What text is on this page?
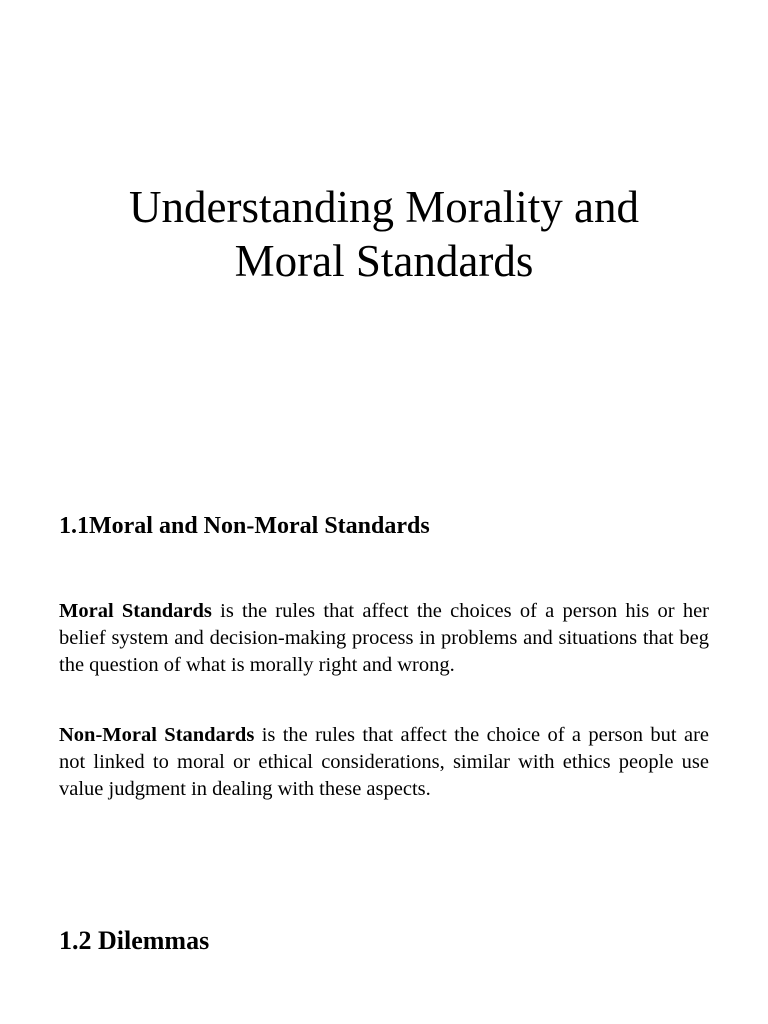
Understanding Morality and
Moral Standards
1.1Moral and Non-Moral Standards

Moral Standards is the rules that affect the choices of a person his or her belief system and decision-making process in problems and situations that beg the question of what is morally right and wrong.

Non-Moral Standards is the rules that affect the choice of a person but are not linked to moral or ethical considerations, similar with ethics people use value judgment in dealing with these aspects.

1.2 Dilemmas
